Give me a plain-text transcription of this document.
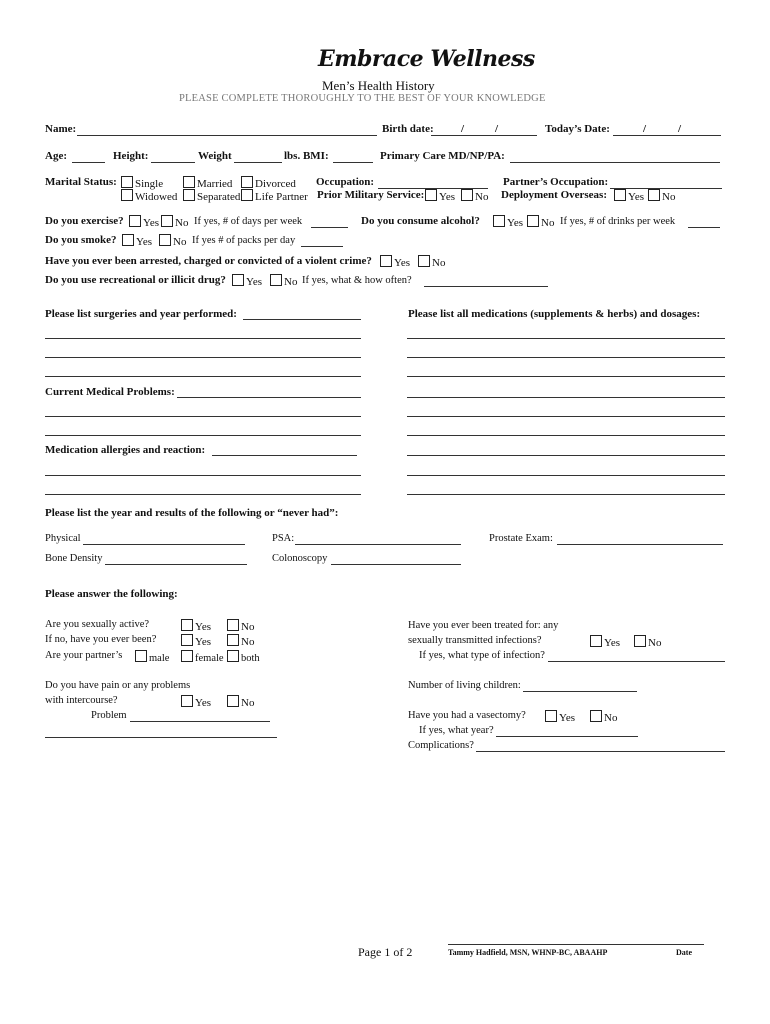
Embrace Wellness
Men’s Health History
PLEASE COMPLETE THOROUGHLY TO THE BEST OF YOUR KNOWLEDGE
Name:	Birth date: /	/	Today’s Date:	/	/
Age:	Height:	Weight	lbs. BMI:	Primary Care MD/NP/PA:
Marital Status:	Single	Married	Divorced
Widowed	Separated	Life Partner
Occupation:
Prior Military Service:	Yes	No
Partner’s Occupation:
Deployment Overseas:	Yes	No
Do you exercise?	Yes	No If yes, # of days per week	Do you consume alcohol?	Yes	No If yes, # of drinks per week
Do you smoke?	Yes	No If yes # of packs per day
Have you ever been arrested, charged or convicted of a violent crime?	Yes	No
Do you use recreational or illicit drug?	Yes	No If yes, what & how often?
Please list surgeries and year performed:	Please list all medications (supplements & herbs) and dosages:
Current Medical Problems:
Medication allergies and reaction:
Please list the year and results of the following or “never had”:
Physical	PSA:	Prostate Exam:
Bone Density	Colonoscopy
Please answer the following:
Are you sexually active?	Yes	No
If no, have you ever been?	Yes	No
Are your partner’s	male	female	both
Have you ever been treated for: any
sexually transmitted infections?	Yes	No
If yes, what type of infection?
Do you have pain or any problems
with intercourse?	Yes	No
Problem
Number of living children:
Have you had a vasectomy?	Yes	No
If yes, what year?
Complications?
Page 1 of 2	Tammy Hadfield, MSN, WHNP-BC, ABAAHP	Date
